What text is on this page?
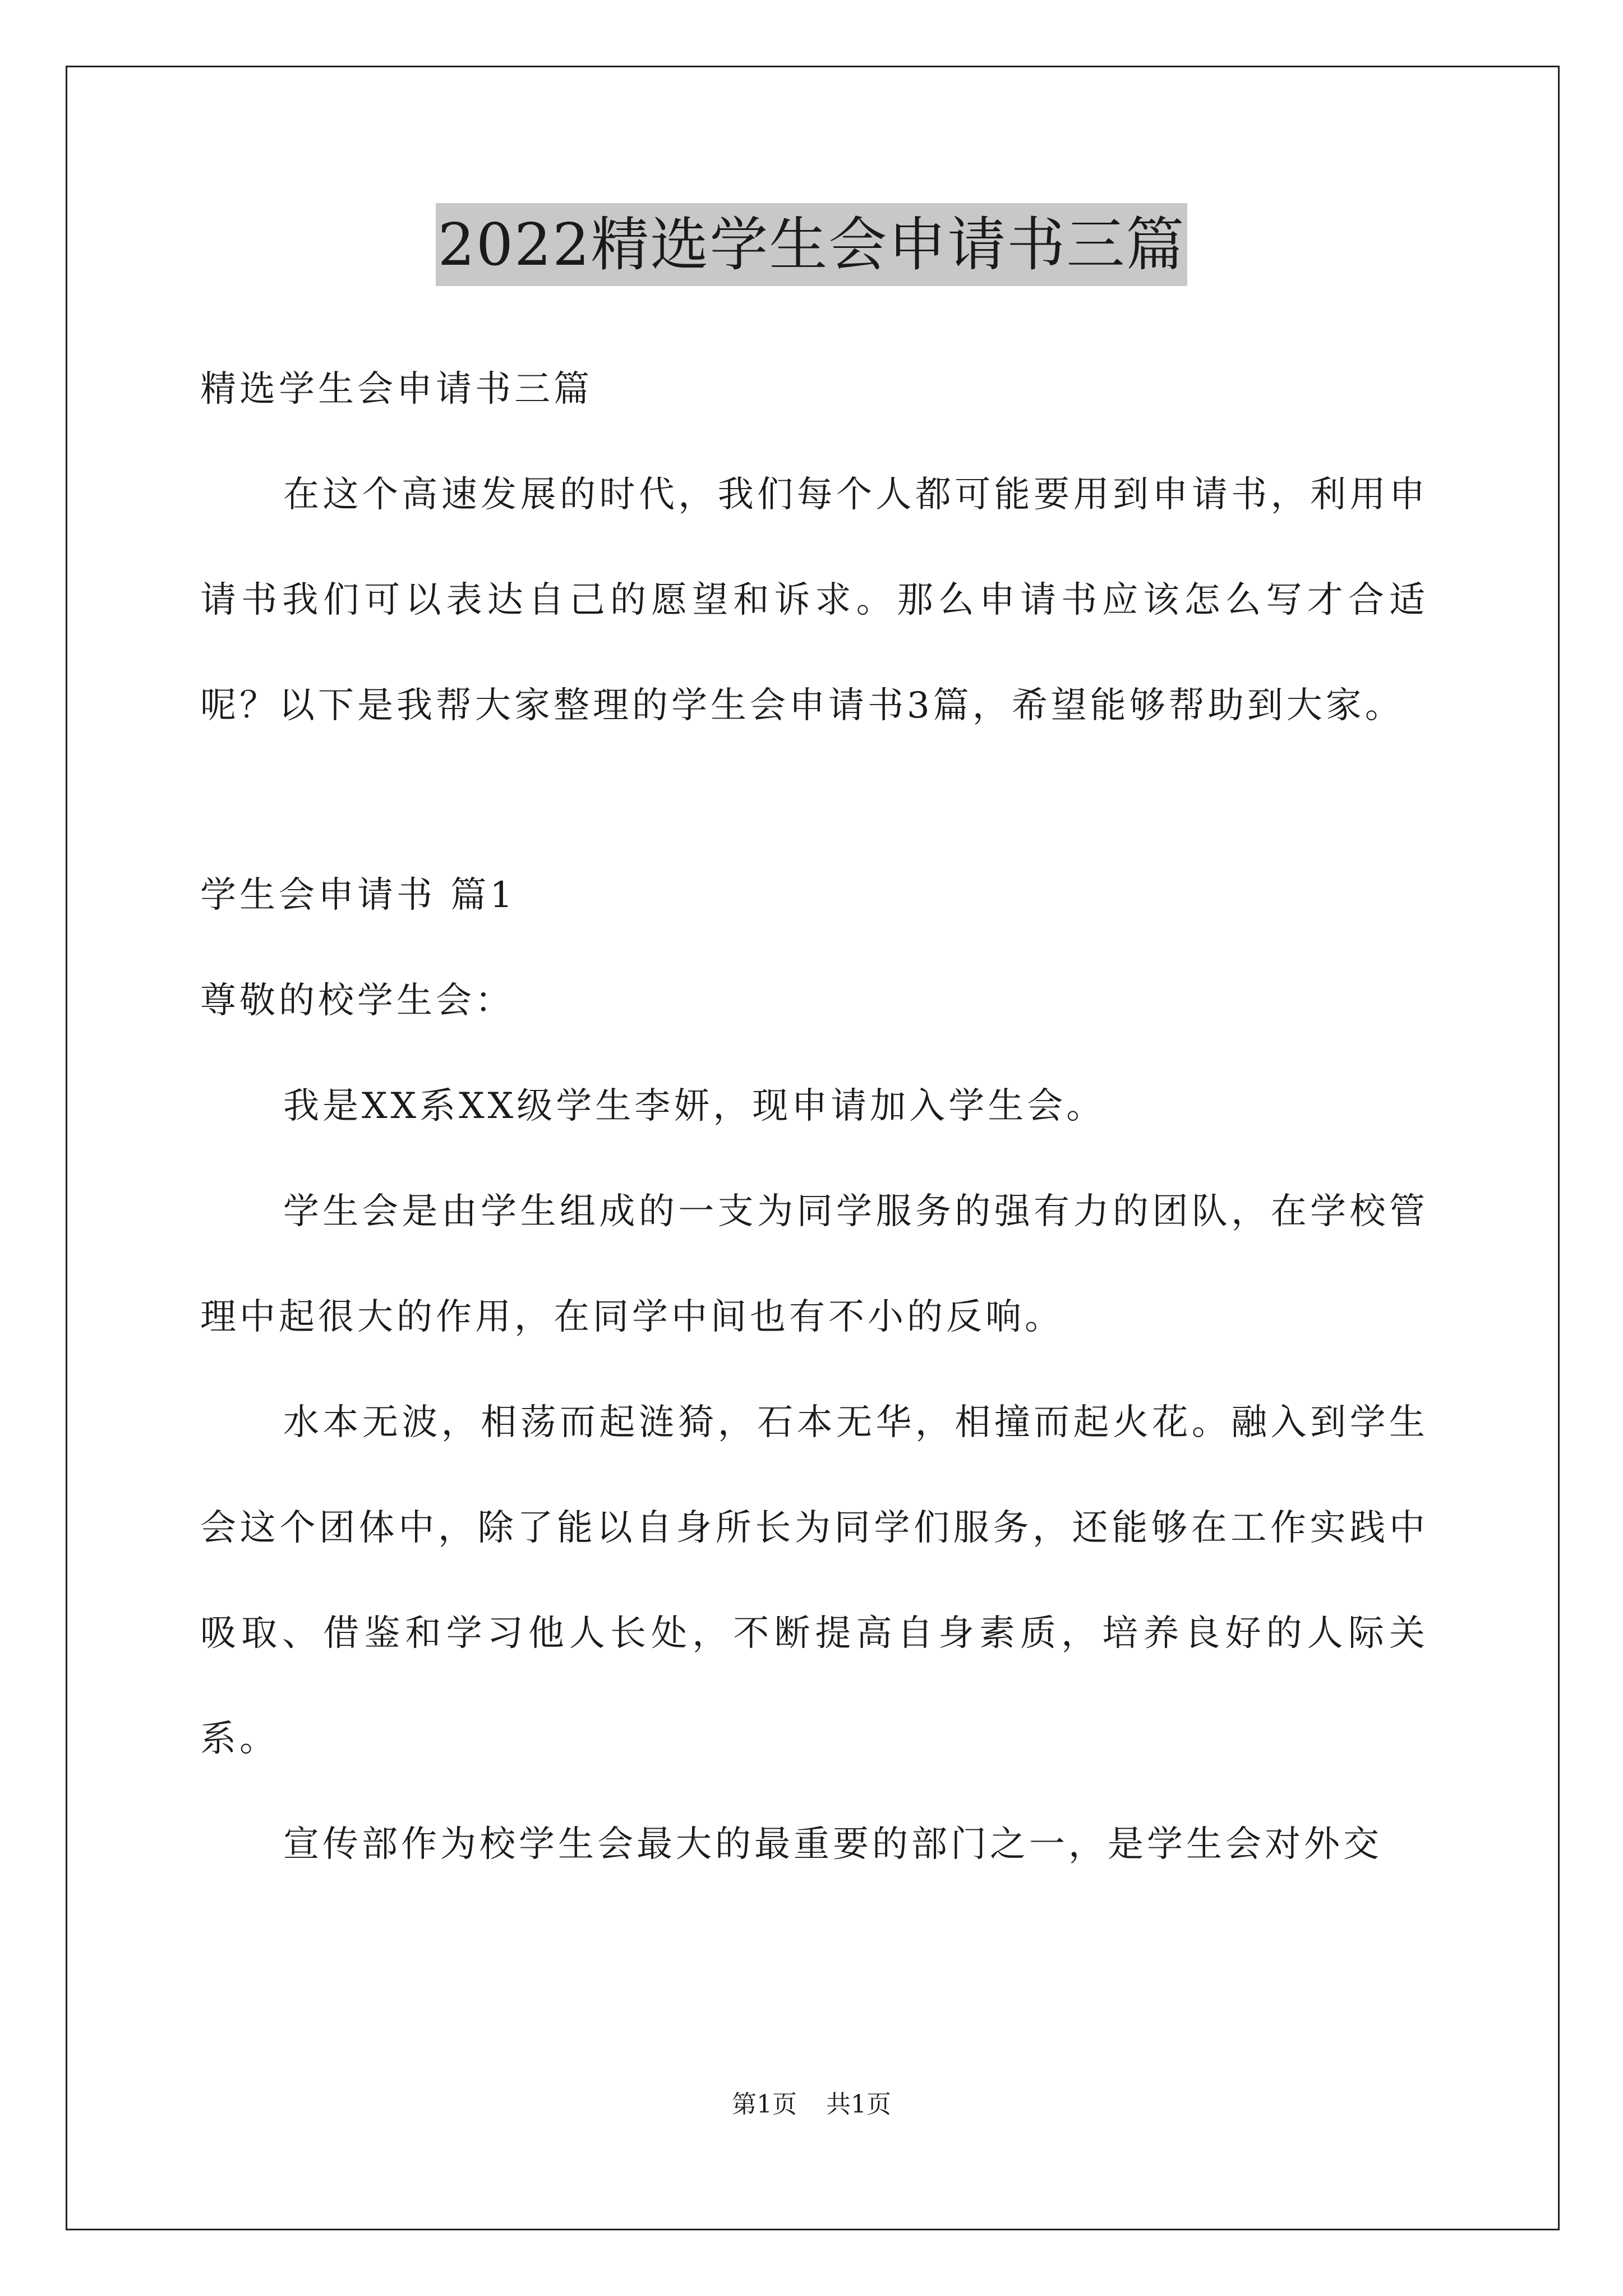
2022精选学生会申请书三篇

精选学生会申请书三篇

在这个高速发展的时代，我们每个人都可能要用到申请书，利用申请书我们可以表达自己的愿望和诉求。那么申请书应该怎么写才合适呢？以下是我帮大家整理的学生会申请书3篇，希望能够帮助到大家。

学生会申请书 篇1

尊敬的校学生会：

我是XX系XX级学生李妍，现申请加入学生会。

学生会是由学生组成的一支为同学服务的强有力的团队，在学校管理中起很大的作用，在同学中间也有不小的反响。

水本无波，相荡而起涟猗，石本无华，相撞而起火花。融入到学生会这个团体中，除了能以自身所长为同学们服务，还能够在工作实践中吸取、借鉴和学习他人长处，不断提高自身素质，培养良好的人际关系。

宣传部作为校学生会最大的最重要的部门之一，是学生会对外交

第1页 共1页
